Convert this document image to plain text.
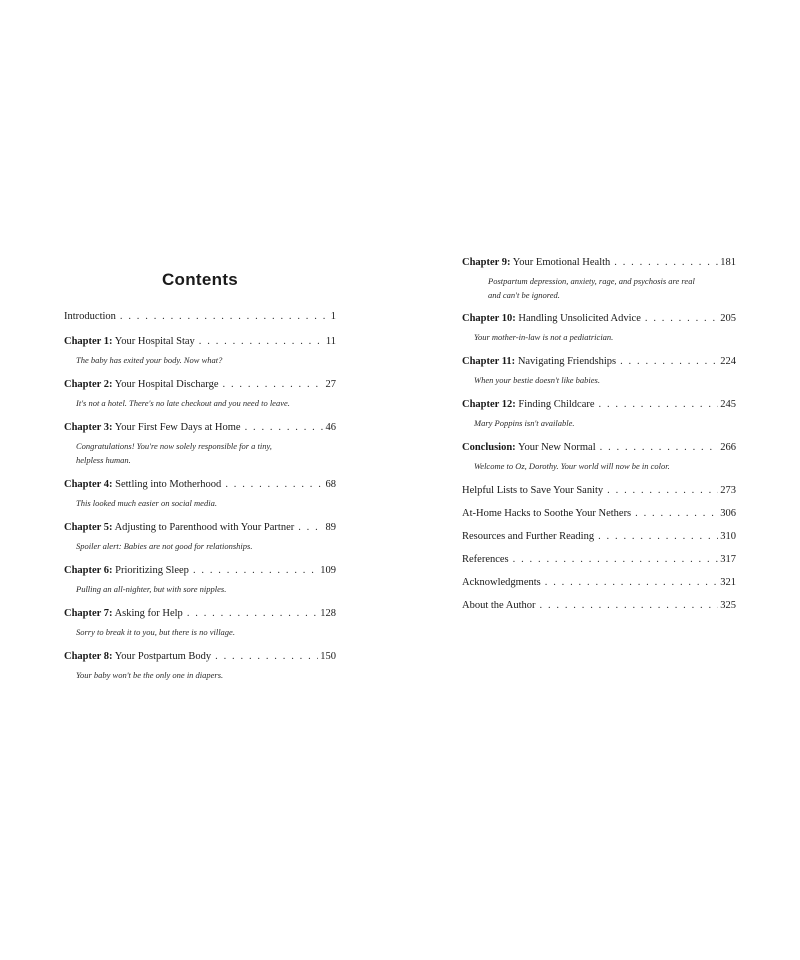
Contents
Introduction . . .	1
Chapter 1: Your Hospital Stay . . .	11
The baby has exited your body. Now what?
Chapter 2: Your Hospital Discharge . . .	27
It's not a hotel. There's no late checkout and you need to leave.
Chapter 3: Your First Few Days at Home . . .	46
Congratulations! You're now solely responsible for a tiny, helpless human.
Chapter 4: Settling into Motherhood . . .	68
This looked much easier on social media.
Chapter 5: Adjusting to Parenthood with Your Partner . . .	89
Spoiler alert: Babies are not good for relationships.
Chapter 6: Prioritizing Sleep . . .	109
Pulling an all-nighter, but with sore nipples.
Chapter 7: Asking for Help . . .	128
Sorry to break it to you, but there is no village.
Chapter 8: Your Postpartum Body . . .	150
Your baby won't be the only one in diapers.
Chapter 9: Your Emotional Health . . .	181
Postpartum depression, anxiety, rage, and psychosis are real and can't be ignored.
Chapter 10: Handling Unsolicited Advice . . .	205
Your mother-in-law is not a pediatrician.
Chapter 11: Navigating Friendships . . .	224
When your bestie doesn't like babies.
Chapter 12: Finding Childcare . . .	245
Mary Poppins isn't available.
Conclusion: Your New Normal . . .	266
Welcome to Oz, Dorothy. Your world will now be in color.
Helpful Lists to Save Your Sanity . . .	273
At-Home Hacks to Soothe Your Nethers . . .	306
Resources and Further Reading . . .	310
References . . .	317
Acknowledgments . . .	321
About the Author . . .	325
